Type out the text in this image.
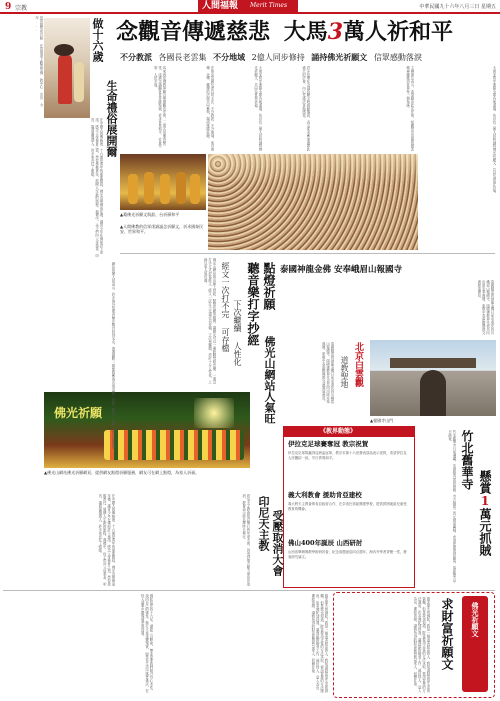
9 宗教	人間福報 Merit Times	中華民國九十六年八月三日 星期五
是菩薩的家共修 在菩提道上歡喜學佛 教中心 宗旨 今年...	做十六歲
生命禮俗展開爾
在中國人的傳統裡，十六歲是成年的重要階段。佛光山舉辦成年禮，讓青少年在佛前許下承諾，感念父母養育之恩，學習承擔責任，展開人生新的旅程。典禮中，孩子們向父母奉茶、叩首，場面溫馨感人，許多家長紅了眼眶。
念觀音傳遞慈悲 大馬3萬人祈和平
不分教派 各國長老雲集 不分地域 2億人同步修持 誦持佛光祈願文 信眾感動落淚
馬來西亞佛教界聯合舉辦觀音法會，三萬名信眾齊聚一堂，虔誠念誦觀世音菩薩聖號，祈求世界和平、社會安寧、人民幸福。	法會由各國長老共同主法，不分教派、不分地域，來自南傳、北傳、藏傳的法師共同參與，場面殊勝莊嚴。	大會並同步連線全球各地道場，估計有二億人同時誦持佛光祈願文，共同為世界祈福。	許多信眾在念誦祈願文時感動落淚，表示從未參加過如此盛大的法會，內心充滿法喜與感恩。	主辦單位表示，希望藉由此次法會，把觀世音菩薩的慈悲精神傳遞到世界每一個角落。	大會並同步連線全球各地道場，估計有二億人同時誦持佛光祈願文，共同為世界祈福。
▲藉佛光祈願文與最、台祈禱和平
▲人間佛教的信眾虔誠誦念祈願文，祈求國泰民安、世界和平。
佛光山網站推出線上抄經、點燈祈願等服務，讓網友可以一邊聆聽梵唄音樂，一邊以打字方式抄寫經文，經文一次打不完還可以存檔，下次再繼續，設計十分人性化，上線以來人氣旺盛。	經文一次打不完
可存檔
下次繼續
人性化
聽音樂打字抄經 點燈祈願
佛光山網站人氣旺
佛光祈願
▲佛光山網站佛光祈願網頁，提供網友點燈祈願服務，網友可在網上點燈，為家人祈福。
網站管理人員表示，許多海外信眾因無法親自回到本山，透過網路一樣能夠參與各項活動，抄經、點燈、祈願，讓佛法無國界。	泰國神龍金佛 安奉峨眉山報國寺
泰國贈送的神龍金佛日前安奉於四川峨眉山報國寺，兩國佛教界代表共同出席安奉典禮，象徵中泰兩國佛教交流源遠流長。
北京白雲觀
道教聖地
泰國贈送的神龍金佛日前安奉於四川峨眉山報國寺，兩國佛教界代表共同出席安奉典禮，象徵中泰兩國佛教交流源遠流長。
▲報國寺山門
《教界動態》
伊拉克足球賽奪冠 教宗祝賀
伊拉克足球隊贏得亞洲盃冠軍，教宗本篤十六世發表談話表示祝賀，希望伊拉克人民團結一致，早日實現和平。
義大利教會 援助肯亞建校
義大利天主教會與肯亞政府合作，在奈洛比郊區興建學校，提供貧困地區兒童受教育的機會。
佛山400年誕辰 山西研討
山西省舉辦佛教學術研討會，紀念高僧誕辰四百週年，海內外學者齊聚一堂，發表研究論文。	竹北舊華寺日前遭竊，功德箱內善款被偷，寺方懸賞一萬元緝拿竊賊，希望民眾提供線索，協助警方早日破案。 竹北舊華寺 懸賞1萬元抓賊
印尼天主教會原訂舉行的年度大會，因受到地方壓力而宣布取消，教會表示將另擇時日舉行。	印尼天主教 受壓取消大會
在中國人的傳統裡，十六歲是成年的重要階段。佛光山舉辦成年禮，讓青少年在佛前許下承諾，感念父母養育之恩，學習承擔責任，展開人生新的旅程。典禮中，孩子們向父母奉茶、叩首，場面溫馨感人，許多家長紅了眼眶。
佛陀說法四十九年，講經三百餘會，無非是要我們明白自心本性，找回自己的佛性。修行不是逃避現實，而是在生活中落實佛法，在待人處事中體現慈悲與智慧。	慈悲偉大的佛陀！我是一個追求財富的人，我知道財富是生活的資糧，但是我也知道，財富要用正當的方法求取，要用智慧的方法運用。祈求佛陀加持我，讓我能夠勤勞工作、誠信待人、量入為出、廣結善緣，讓我所得的財富能夠利益家人、回饋社會。	慈悲偉大的佛陀！我是一個追求財富的人，我知道財富是生活的資糧，但是我也知道，財富要用正當的方法求取，要用智慧的方法運用。祈求佛陀加持我，讓我能夠勤勞工作、誠信待人、量入為出、廣結善緣，讓我所得的財富能夠利益家人、回饋社會。	求財富祈願文	佛光祈願文
